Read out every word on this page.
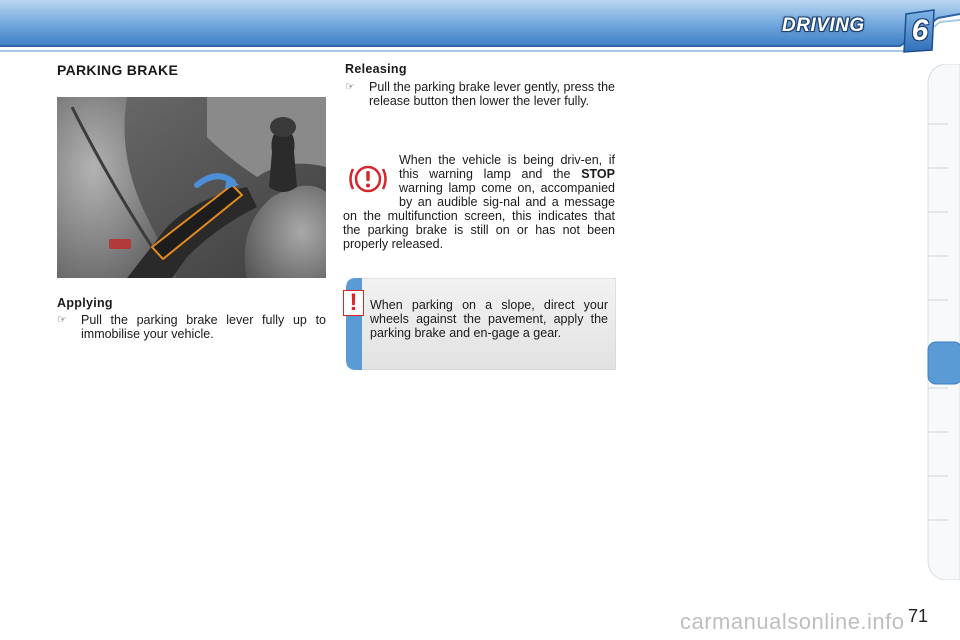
DRIVING 6
PARKING BRAKE
Applying
☞ Pull the parking brake lever fully up to immobilise your vehicle.
Releasing
☞ Pull the parking brake lever gently, press the release button then lower the lever fully.
When the vehicle is being driv-en, if this warning lamp and the STOP warning lamp come on, accompanied by an audible sig-nal and a message on the multifunction screen, this indicates that the parking brake is still on or has not been properly released.
!	When parking on a slope, direct your wheels against the pavement, apply the parking brake and en-gage a gear.
carmanualsonline.info 71
